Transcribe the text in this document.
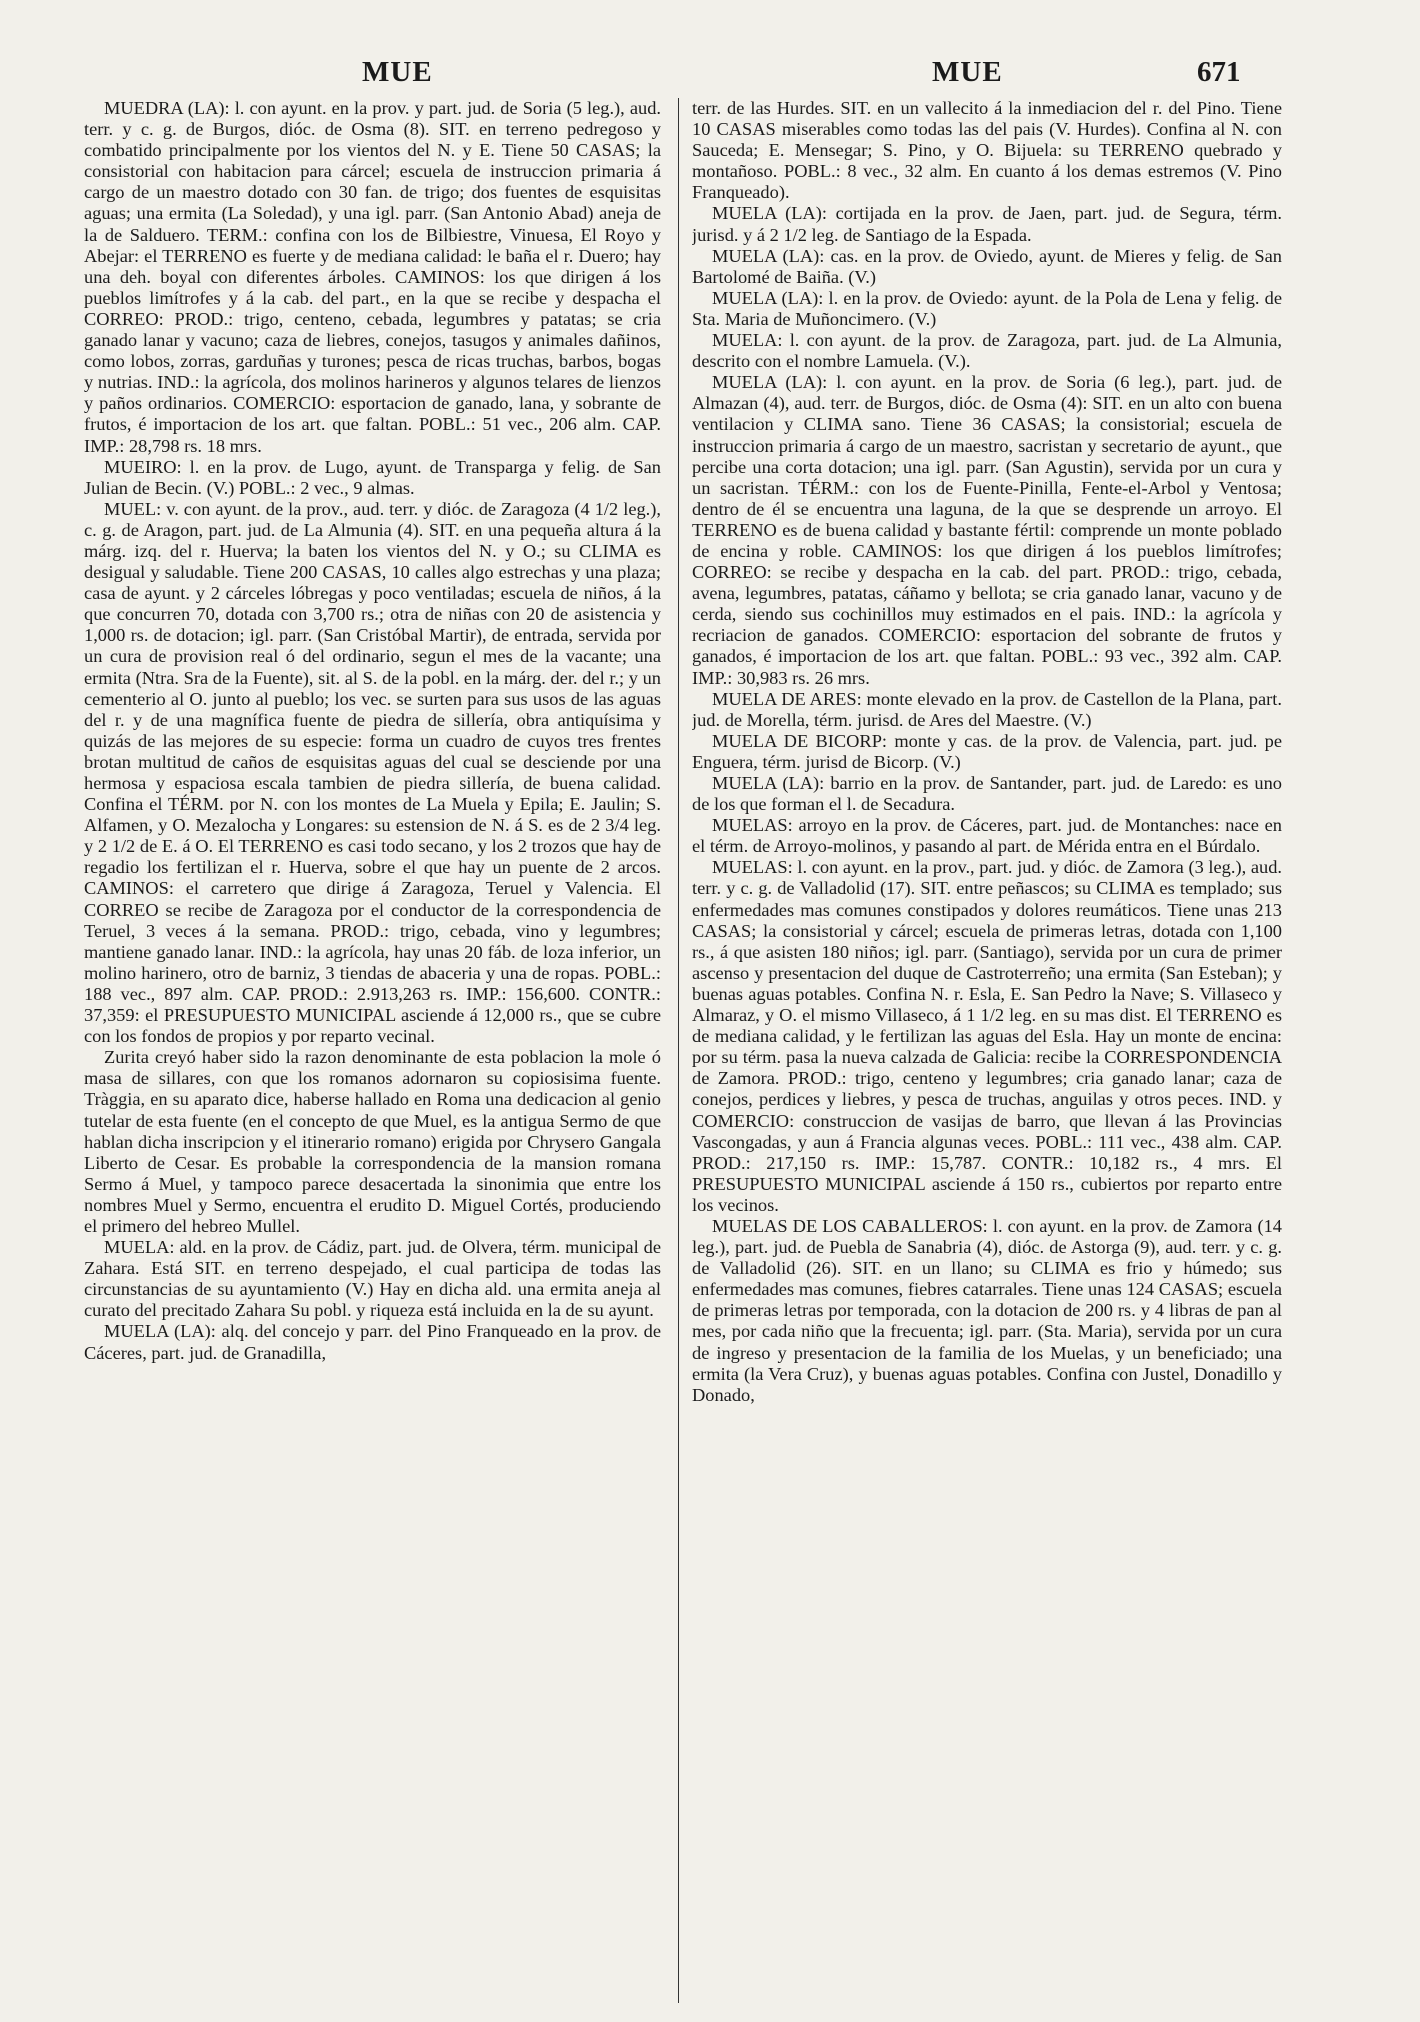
MUE	MUE	671

MUEDRA (LA): l. con ayunt. en la prov. y part. jud. de Soria (5 leg.), aud. terr. y c. g. de Burgos, dióc. de Osma (8). SIT. en terreno pedregoso y combatido principalmente por los vientos del N. y E. Tiene 50 CASAS; la consistorial con habitacion para cárcel; escuela de instruccion primaria á cargo de un maestro dotado con 30 fan. de trigo; dos fuentes de esquisitas aguas; una ermita (La Soledad), y una igl. parr. (San Antonio Abad) aneja de la de Salduero. TERM.: confina con los de Bilbiestre, Vinuesa, El Royo y Abejar: el TERRENO es fuerte y de mediana calidad: le baña el r. Duero; hay una deh. boyal con diferentes árboles. CAMINOS: los que dirigen á los pueblos limítrofes y á la cab. del part., en la que se recibe y despacha el CORREO: PROD.: trigo, centeno, cebada, legumbres y patatas; se cria ganado lanar y vacuno; caza de liebres, conejos, tasugos y animales dañinos, como lobos, zorras, garduñas y turones; pesca de ricas truchas, barbos, bogas y nutrias. IND.: la agrícola, dos molinos harineros y algunos telares de lienzos y paños ordinarios. COMERCIO: esportacion de ganado, lana, y sobrante de frutos, é importacion de los art. que faltan. POBL.: 51 vec., 206 alm. CAP. IMP.: 28,798 rs. 18 mrs.

MUEIRO: l. en la prov. de Lugo, ayunt. de Transparga y felig. de San Julian de Becin. (V.) POBL.: 2 vec., 9 almas.

MUEL: v. con ayunt. de la prov., aud. terr. y dióc. de Zaragoza (4 1/2 leg.), c. g. de Aragon, part. jud. de La Almunia (4). SIT. en una pequeña altura á la márg. izq. del r. Huerva; la baten los vientos del N. y O.; su CLIMA es desigual y saludable. Tiene 200 CASAS, 10 calles algo estrechas y una plaza; casa de ayunt. y 2 cárceles lóbregas y poco ventiladas; escuela de niños, á la que concurren 70, dotada con 3,700 rs.; otra de niñas con 20 de asistencia y 1,000 rs. de dotacion; igl. parr. (San Cristóbal Martir), de entrada, servida por un cura de provision real ó del ordinario, segun el mes de la vacante; una ermita (Ntra. Sra de la Fuente), sit. al S. de la pobl. en la márg. der. del r.; y un cementerio al O. junto al pueblo; los vec. se surten para sus usos de las aguas del r. y de una magnífica fuente de piedra de sillería, obra antiquísima y quizás de las mejores de su especie: forma un cuadro de cuyos tres frentes brotan multitud de caños de esquisitas aguas del cual se desciende por una hermosa y espaciosa escala tambien de piedra sillería, de buena calidad. Confina el TÉRM. por N. con los montes de La Muela y Epila; E. Jaulin; S. Alfamen, y O. Mezalocha y Longares: su estension de N. á S. es de 2 3/4 leg. y 2 1/2 de E. á O. El TERRENO es casi todo secano, y los 2 trozos que hay de regadio los fertilizan el r. Huerva, sobre el que hay un puente de 2 arcos. CAMINOS: el carretero que dirige á Zaragoza, Teruel y Valencia. El CORREO se recibe de Zaragoza por el conductor de la correspondencia de Teruel, 3 veces á la semana. PROD.: trigo, cebada, vino y legumbres; mantiene ganado lanar. IND.: la agrícola, hay unas 20 fáb. de loza inferior, un molino harinero, otro de barniz, 3 tiendas de abaceria y una de ropas. POBL.: 188 vec., 897 alm. CAP. PROD.: 2.913,263 rs. IMP.: 156,600. CONTR.: 37,359: el PRESUPUESTO MUNICIPAL asciende á 12,000 rs., que se cubre con los fondos de propios y por reparto vecinal.

Zurita creyó haber sido la razon denominante de esta poblacion la mole ó masa de sillares, con que los romanos adornaron su copiosisima fuente. Tràggia, en su aparato dice, haberse hallado en Roma una dedicacion al genio tutelar de esta fuente (en el concepto de que Muel, es la antigua Sermo de que hablan dicha inscripcion y el itinerario romano) erigida por Chrysero Gangala Liberto de Cesar. Es probable la correspondencia de la mansion romana Sermo á Muel, y tampoco parece desacertada la sinonimia que entre los nombres Muel y Sermo, encuentra el erudito D. Miguel Cortés, produciendo el primero del hebreo Mullel.

MUELA: ald. en la prov. de Cádiz, part. jud. de Olvera, térm. municipal de Zahara. Está SIT. en terreno despejado, el cual participa de todas las circunstancias de su ayuntamiento (V.) Hay en dicha ald. una ermita aneja al curato del precitado Zahara Su pobl. y riqueza está incluida en la de su ayunt.

MUELA (LA): alq. del concejo y parr. del Pino Franqueado en la prov. de Cáceres, part. jud. de Granadilla,

terr. de las Hurdes. SIT. en un vallecito á la inmediacion del r. del Pino. Tiene 10 CASAS miserables como todas las del pais (V. Hurdes). Confina al N. con Sauceda; E. Mensegar; S. Pino, y O. Bijuela: su TERRENO quebrado y montañoso. POBL.: 8 vec., 32 alm. En cuanto á los demas estremos (V. Pino Franqueado).

MUELA (LA): cortijada en la prov. de Jaen, part. jud. de Segura, térm. jurisd. y á 2 1/2 leg. de Santiago de la Espada.

MUELA (LA): cas. en la prov. de Oviedo, ayunt. de Mieres y felig. de San Bartolomé de Baiña. (V.)

MUELA (LA): l. en la prov. de Oviedo: ayunt. de la Pola de Lena y felig. de Sta. Maria de Muñoncimero. (V.)

MUELA: l. con ayunt. de la prov. de Zaragoza, part. jud. de La Almunia, descrito con el nombre Lamuela. (V.).

MUELA (LA): l. con ayunt. en la prov. de Soria (6 leg.), part. jud. de Almazan (4), aud. terr. de Burgos, dióc. de Osma (4): SIT. en un alto con buena ventilacion y CLIMA sano. Tiene 36 CASAS; la consistorial; escuela de instruccion primaria á cargo de un maestro, sacristan y secretario de ayunt., que percibe una corta dotacion; una igl. parr. (San Agustin), servida por un cura y un sacristan. TÉRM.: con los de Fuente-Pinilla, Fente-el-Arbol y Ventosa; dentro de él se encuentra una laguna, de la que se desprende un arroyo. El TERRENO es de buena calidad y bastante fértil: comprende un monte poblado de encina y roble. CAMINOS: los que dirigen á los pueblos limítrofes; CORREO: se recibe y despacha en la cab. del part. PROD.: trigo, cebada, avena, legumbres, patatas, cáñamo y bellota; se cria ganado lanar, vacuno y de cerda, siendo sus cochinillos muy estimados en el pais. IND.: la agrícola y recriacion de ganados. COMERCIO: esportacion del sobrante de frutos y ganados, é importacion de los art. que faltan. POBL.: 93 vec., 392 alm. CAP. IMP.: 30,983 rs. 26 mrs.

MUELA DE ARES: monte elevado en la prov. de Castellon de la Plana, part. jud. de Morella, térm. jurisd. de Ares del Maestre. (V.)

MUELA DE BICORP: monte y cas. de la prov. de Valencia, part. jud. pe Enguera, térm. jurisd de Bicorp. (V.)

MUELA (LA): barrio en la prov. de Santander, part. jud. de Laredo: es uno de los que forman el l. de Secadura.

MUELAS: arroyo en la prov. de Cáceres, part. jud. de Montanches: nace en el térm. de Arroyo-molinos, y pasando al part. de Mérida entra en el Búrdalo.

MUELAS: l. con ayunt. en la prov., part. jud. y dióc. de Zamora (3 leg.), aud. terr. y c. g. de Valladolid (17). SIT. entre peñascos; su CLIMA es templado; sus enfermedades mas comunes constipados y dolores reumáticos. Tiene unas 213 CASAS; la consistorial y cárcel; escuela de primeras letras, dotada con 1,100 rs., á que asisten 180 niños; igl. parr. (Santiago), servida por un cura de primer ascenso y presentacion del duque de Castroterreño; una ermita (San Esteban); y buenas aguas potables. Confina N. r. Esla, E. San Pedro la Nave; S. Villaseco y Almaraz, y O. el mismo Villaseco, á 1 1/2 leg. en su mas dist. El TERRENO es de mediana calidad, y le fertilizan las aguas del Esla. Hay un monte de encina: por su térm. pasa la nueva calzada de Galicia: recibe la CORRESPONDENCIA de Zamora. PROD.: trigo, centeno y legumbres; cria ganado lanar; caza de conejos, perdices y liebres, y pesca de truchas, anguilas y otros peces. IND. y COMERCIO: construccion de vasijas de barro, que llevan á las Provincias Vascongadas, y aun á Francia algunas veces. POBL.: 111 vec., 438 alm. CAP. PROD.: 217,150 rs. IMP.: 15,787. CONTR.: 10,182 rs., 4 mrs. El PRESUPUESTO MUNICIPAL asciende á 150 rs., cubiertos por reparto entre los vecinos.

MUELAS DE LOS CABALLEROS: l. con ayunt. en la prov. de Zamora (14 leg.), part. jud. de Puebla de Sanabria (4), dióc. de Astorga (9), aud. terr. y c. g. de Valladolid (26). SIT. en un llano; su CLIMA es frio y húmedo; sus enfermedades mas comunes, fiebres catarrales. Tiene unas 124 CASAS; escuela de primeras letras por temporada, con la dotacion de 200 rs. y 4 libras de pan al mes, por cada niño que la frecuenta; igl. parr. (Sta. Maria), servida por un cura de ingreso y presentacion de la familia de los Muelas, y un beneficiado; una ermita (la Vera Cruz), y buenas aguas potables. Confina con Justel, Donadillo y Donado,
